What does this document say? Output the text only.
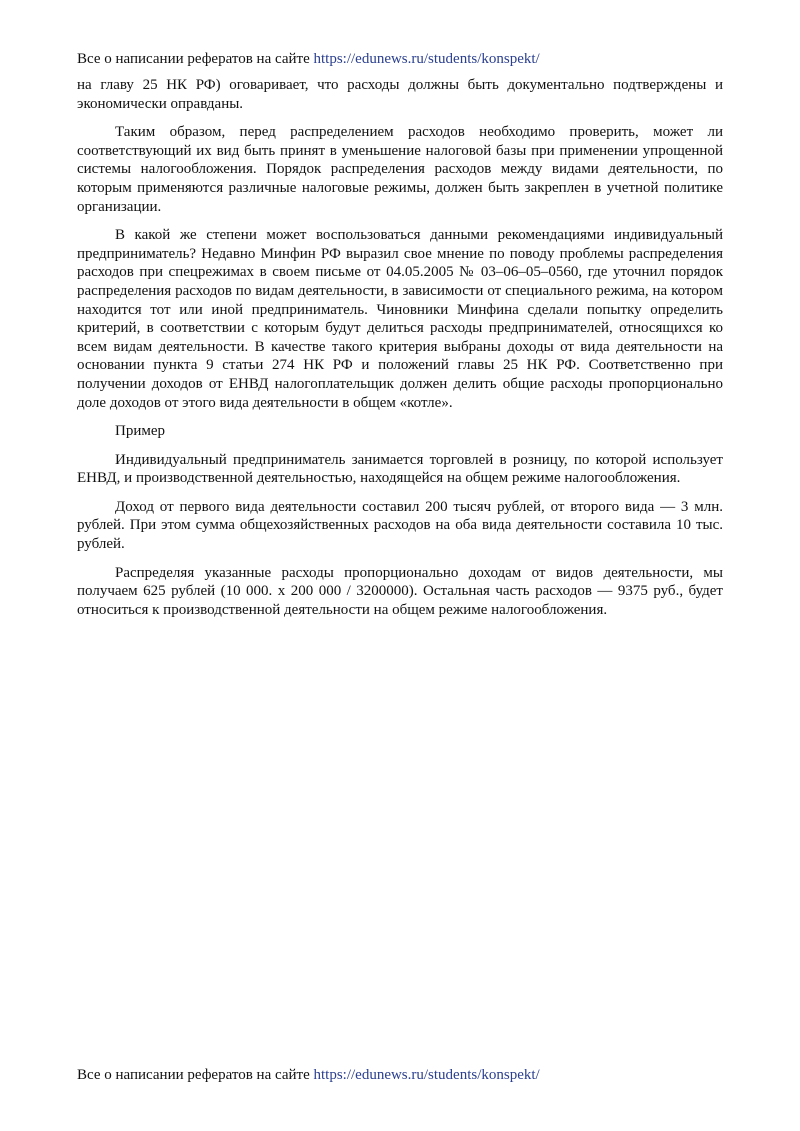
Все о написании рефератов на сайте https://edunews.ru/students/konspekt/

на главу 25 НК РФ) оговаривает, что расходы должны быть документально подтверждены и экономически оправданы.

Таким образом, перед распределением расходов необходимо проверить, может ли соответствующий их вид быть принят в уменьшение налоговой базы при применении упрощенной системы налогообложения. Порядок распределения расходов между видами деятельности, по которым применяются различные налоговые режимы, должен быть закреплен в учетной политике организации.

В какой же степени может воспользоваться данными рекомендациями индивидуальный предприниматель? Недавно Минфин РФ выразил свое мнение по поводу проблемы распределения расходов при спецрежимах в своем письме от 04.05.2005 № 03–06–05–0560, где уточнил порядок распределения расходов по видам деятельности, в зависимости от специального режима, на котором находится тот или иной предприниматель. Чиновники Минфина сделали попытку определить критерий, в соответствии с которым будут делиться расходы предпринимателей, относящихся ко всем видам деятельности. В качестве такого критерия выбраны доходы от вида деятельности на основании пункта 9 статьи 274 НК РФ и положений главы 25 НК РФ. Соответственно при получении доходов от ЕНВД налогоплательщик должен делить общие расходы пропорционально доле доходов от этого вида деятельности в общем «котле».

Пример

Индивидуальный предприниматель занимается торговлей в розницу, по которой использует ЕНВД, и производственной деятельностью, находящейся на общем режиме налогообложения.

Доход от первого вида деятельности составил 200 тысяч рублей, от второго вида — 3 млн. рублей. При этом сумма общехозяйственных расходов на оба вида деятельности составила 10 тыс. рублей.

Распределяя указанные расходы пропорционально доходам от видов деятельности, мы получаем 625 рублей (10 000. х 200 000 / 3200000). Остальная часть расходов — 9375 руб., будет относиться к производственной деятельности на общем режиме налогообложения.

Все о написании рефератов на сайте https://edunews.ru/students/konspekt/
